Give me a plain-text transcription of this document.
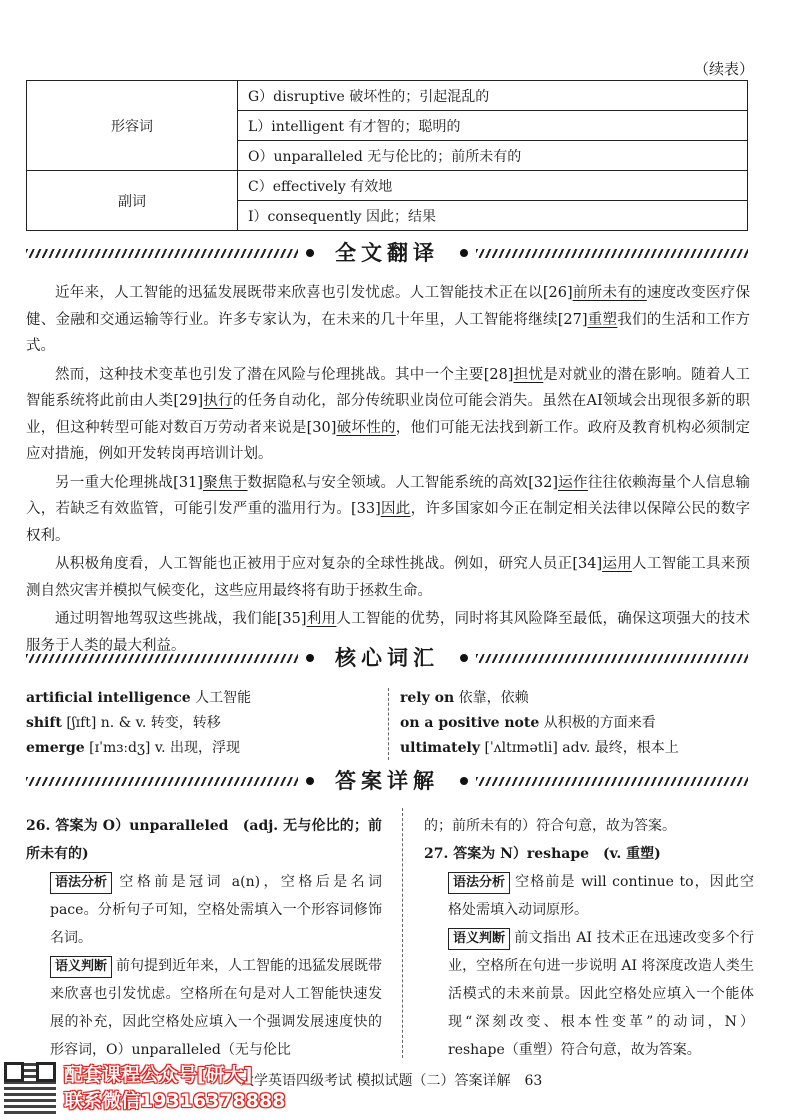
（续表）
形容词	G）disruptive 破坏性的；引起混乱的
	L）intelligent 有才智的；聪明的
	O）unparalleled 无与伦比的；前所未有的
副词	C）effectively 有效地
	I）consequently 因此；结果
全文翻译

近年来，人工智能的迅猛发展既带来欣喜也引发忧虑。人工智能技术正在以[26]前所未有的速度改变医疗保健、金融和交通运输等行业。许多专家认为，在未来的几十年里，人工智能将继续[27]重塑我们的生活和工作方式。

然而，这种技术变革也引发了潜在风险与伦理挑战。其中一个主要[28]担忧是对就业的潜在影响。随着人工智能系统将此前由人类[29]执行的任务自动化，部分传统职业岗位可能会消失。虽然在AI领域会出现很多新的职业，但这种转型可能对数百万劳动者来说是[30]破坏性的，他们可能无法找到新工作。政府及教育机构必须制定应对措施，例如开发转岗再培训计划。

另一重大伦理挑战[31]聚焦于数据隐私与安全领域。人工智能系统的高效[32]运作往往依赖海量个人信息输入，若缺乏有效监管，可能引发严重的滥用行为。[33]因此，许多国家如今正在制定相关法律以保障公民的数字权利。

从积极角度看，人工智能也正被用于应对复杂的全球性挑战。例如，研究人员正[34]运用人工智能工具来预测自然灾害并模拟气候变化，这些应用最终将有助于拯救生命。

通过明智地驾驭这些挑战，我们能[35]利用人工智能的优势，同时将其风险降至最低，确保这项强大的技术服务于人类的最大利益。

核心词汇
artificial intelligence 人工智能
shift [ʃɪft] n. & v. 转变，转移
emerge [ɪˈmɜːdʒ] v. 出现，浮现
rely on 依靠，依赖
on a positive note 从积极的方面来看
ultimately [ˈʌltɪmətli] adv. 最终，根本上
答案详解
26. 答案为 O）unparalleled　(adj. 无与伦比的；前所未有的)
语法分析 空格前是冠词 a(n)，空格后是名词 pace。分析句子可知，空格处需填入一个形容词修饰名词。
语义判断 前句提到近年来，人工智能的迅猛发展既带来欣喜也引发忧虑。空格所在句是对人工智能快速发展的补充，因此空格处应填入一个强调发展速度快的形容词，O）unparalleled（无与伦比
的；前所未有的）符合句意，故为答案。
27. 答案为 N）reshape　(v. 重塑)
语法分析 空格前是 will continue to，因此空格处需填入动词原形。
语义判断 前文指出 AI 技术正在迅速改变多个行业，空格所在句进一步说明 AI 将深度改造人类生活模式的未来前景。因此空格处应填入一个能体现“深刻改变、根本性变革”的动词，N）reshape（重塑）符合句意，故为答案。
大学英语四级考试 模拟试题（二）答案详解　63
配套课程公众号[研大]
联系微信19316378888
